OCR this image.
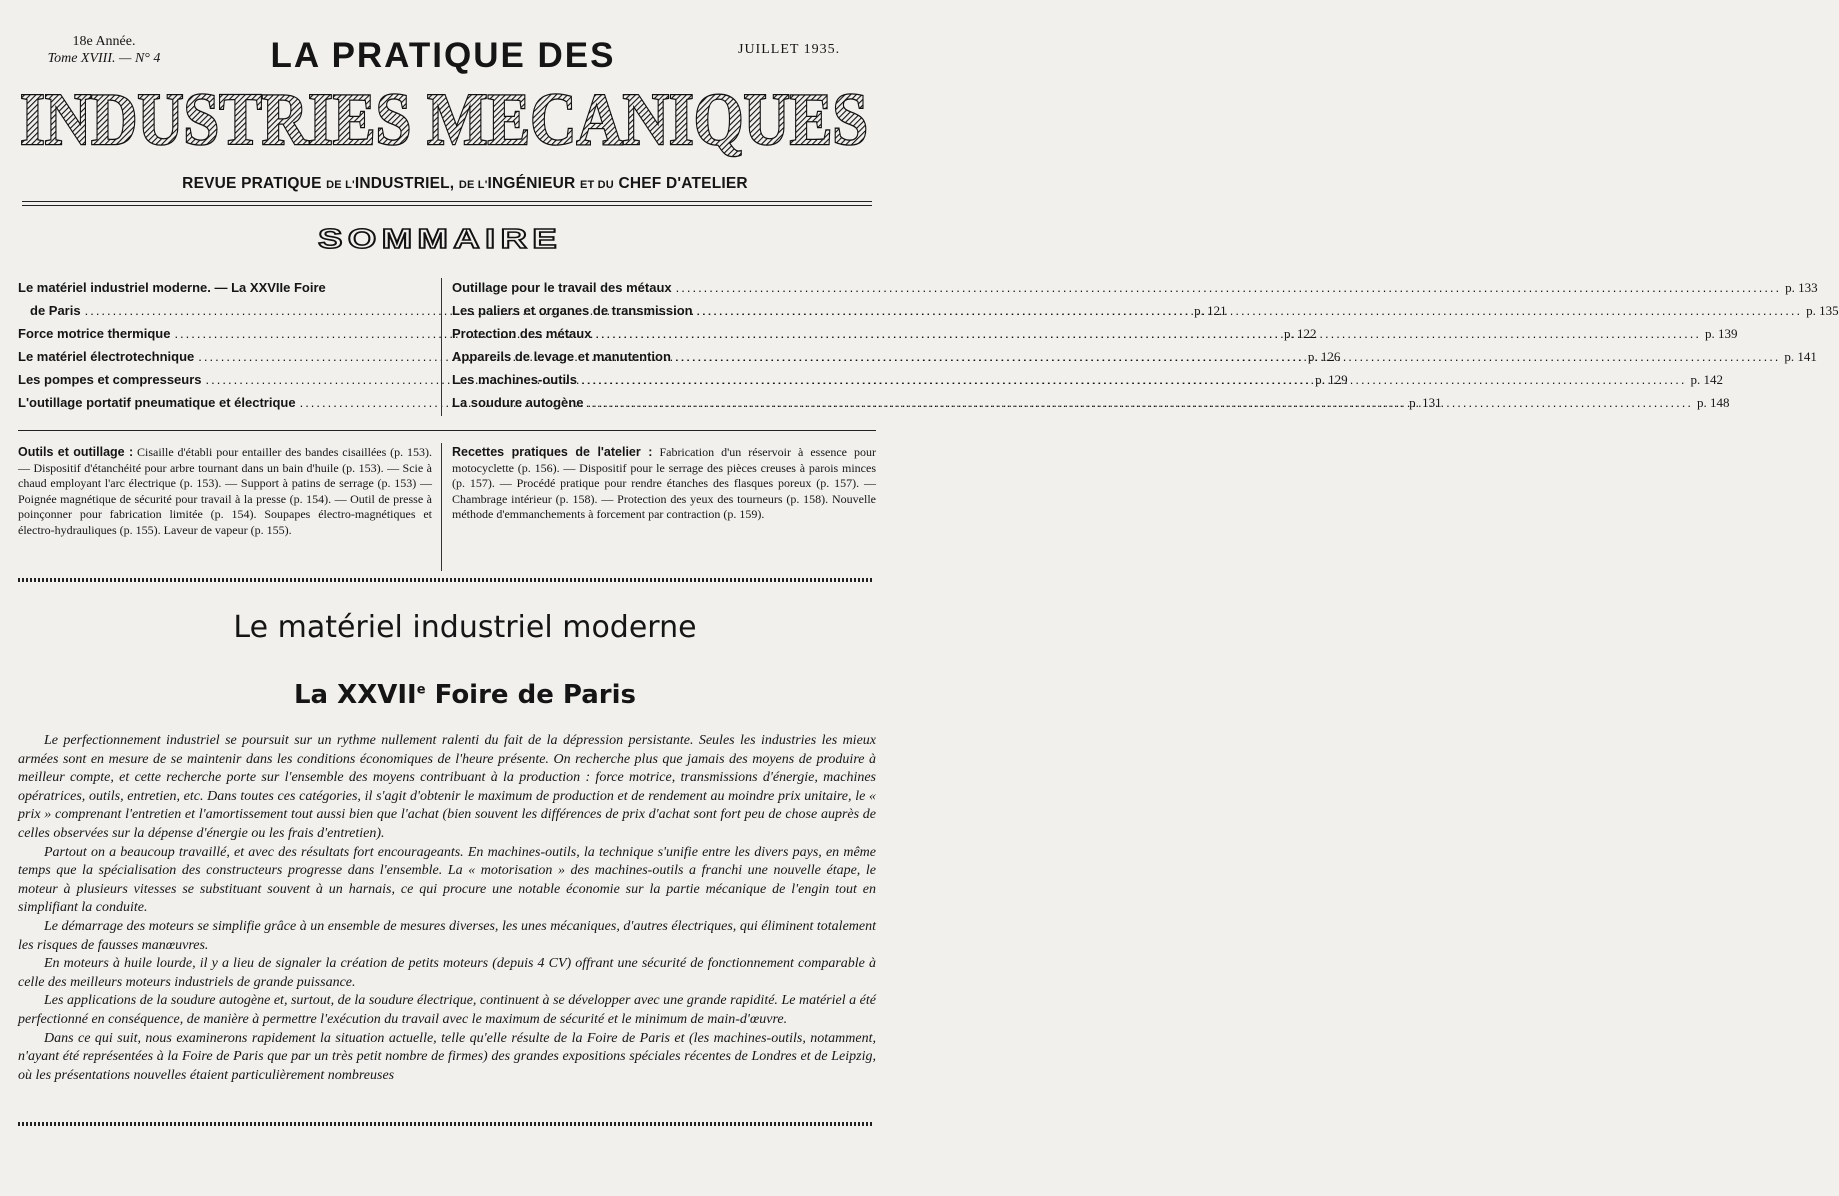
18e Année.
Tome XVIII. — N° 4	LA PRATIQUE DES	JUILLET 1935.
INDUSTRIES MECANIQUES
REVUE PRATIQUE DE L'INDUSTRIEL, DE L'INGÉNIEUR ET DU CHEF D'ATELIER
SOMMAIRE
Le matériel industriel moderne. — La XXVIIe Foire
de Paris .....	p. 121
Force motrice thermique .....	p. 122
Le matériel électrotechnique .....	p. 126
Les pompes et compresseurs .....	p. 129
L'outillage portatif pneumatique et électrique .....	p. 131
Outillage pour le travail des métaux .....	p. 133
Les paliers et organes de transmission .....	p. 135
Protection des métaux .....	p. 139
Appareils de levage et manutention .....	p. 141
Les machines-outils .....	p. 142
La soudure autogène .....	p. 148
Outils et outillage : Cisaille d'établi pour entailler des bandes cisaillées (p. 153). — Dispositif d'étanchéité pour arbre tournant dans un bain d'huile (p. 153). — Scie à chaud employant l'arc électrique (p. 153). — Support à patins de serrage (p. 153) — Poignée magnétique de sécurité pour travail à la presse (p. 154). — Outil de presse à poinçonner pour fabrication limitée (p. 154). Soupapes électro-magnétiques et électro-hydrauliques (p. 155). Laveur de vapeur (p. 155).
Recettes pratiques de l'atelier : Fabrication d'un réservoir à essence pour motocyclette (p. 156). — Dispositif pour le serrage des pièces creuses à parois minces (p. 157). — Procédé pratique pour rendre étanches des flasques poreux (p. 157). — Chambrage intérieur (p. 158). — Protection des yeux des tourneurs (p. 158). Nouvelle méthode d'emmanchements à forcement par contraction (p. 159).
Le matériel industriel moderne
La XXVIIe Foire de Paris

Le perfectionnement industriel se poursuit sur un rythme nullement ralenti du fait de la dépression persistante. Seules les industries les mieux armées sont en mesure de se maintenir dans les conditions économiques de l'heure présente. On recherche plus que jamais des moyens de produire à meilleur compte, et cette recherche porte sur l'ensemble des moyens contribuant à la production : force motrice, transmissions d'énergie, machines opératrices, outils, entretien, etc. Dans toutes ces catégories, il s'agit d'obtenir le maximum de production et de rendement au moindre prix unitaire, le « prix » comprenant l'entretien et l'amortissement tout aussi bien que l'achat (bien souvent les différences de prix d'achat sont fort peu de chose auprès de celles observées sur la dépense d'énergie ou les frais d'entretien).

Partout on a beaucoup travaillé, et avec des résultats fort encourageants. En machines-outils, la technique s'unifie entre les divers pays, en même temps que la spécialisation des constructeurs progresse dans l'ensemble. La « motorisation » des machines-outils a franchi une nouvelle étape, le moteur à plusieurs vitesses se substituant souvent à un harnais, ce qui procure une notable économie sur la partie mécanique de l'engin tout en simplifiant la conduite.

Le démarrage des moteurs se simplifie grâce à un ensemble de mesures diverses, les unes mécaniques, d'autres électriques, qui éliminent totalement les risques de fausses manœuvres.

En moteurs à huile lourde, il y a lieu de signaler la création de petits moteurs (depuis 4 CV) offrant une sécurité de fonctionnement comparable à celle des meilleurs moteurs industriels de grande puissance.

Les applications de la soudure autogène et, surtout, de la soudure électrique, continuent à se développer avec une grande rapidité. Le matériel a été perfectionné en conséquence, de manière à permettre l'exécution du travail avec le maximum de sécurité et le minimum de main-d'œuvre.

Dans ce qui suit, nous examinerons rapidement la situation actuelle, telle qu'elle résulte de la Foire de Paris et (les machines-outils, notamment, n'ayant été représentées à la Foire de Paris que par un très petit nombre de firmes) des grandes expositions spéciales récentes de Londres et de Leipzig, où les présentations nouvelles étaient particulièrement nombreuses
